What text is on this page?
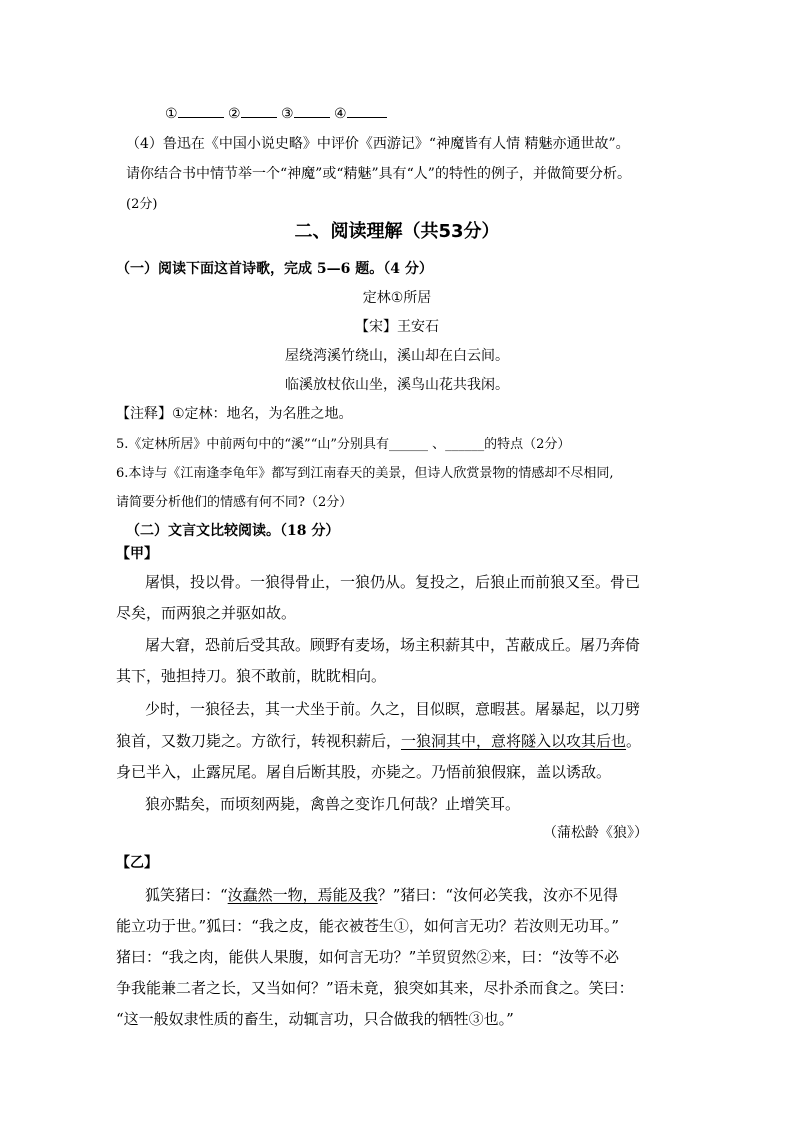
①	②	③	④
（4）鲁迅在《中国小说史略》中评价《西游记》“神魔皆有人情 精魅亦通世故”。
请你结合书中情节举一个“神魔”或“精魅”具有“人”的特性的例子，并做简要分析。
(2分)
二、阅读理解（共53分）
（一）阅读下面这首诗歌，完成 5—6 题。（4 分）
定林①所居
【宋】王安石
屋绕湾溪竹绕山，溪山却在白云间。
临溪放杖依山坐，溪鸟山花共我闲。
【注释】①定林：地名，为名胜之地。
5.《定林所居》中前两句中的“溪”“山”分别具有______ 、______的特点（2分）
6.本诗与《江南逢李龟年》都写到江南春天的美景，但诗人欣赏景物的情感却不尽相同,
请简要分析他们的情感有何不同?（2分）
（二）文言文比较阅读。（18 分）
【甲】
屠惧，投以骨。一狼得骨止，一狼仍从。复投之，后狼止而前狼又至。骨已
尽矣，而两狼之并驱如故。
屠大窘，恐前后受其敌。顾野有麦场，场主积薪其中，苫蔽成丘。屠乃奔倚
其下，弛担持刀。狼不敢前，眈眈相向。
少时，一狼径去，其一犬坐于前。久之，目似瞑，意暇甚。屠暴起，以刀劈
狼首，又数刀毙之。方欲行，转视积薪后，一狼洞其中，意将隧入以攻其后也。
身已半入，止露尻尾。屠自后断其股，亦毙之。乃悟前狼假寐，盖以诱敌。
狼亦黠矣，而顷刻两毙，禽兽之变诈几何哉？止增笑耳。
（蒲松龄《狼》）
【乙】
狐笑猪曰：“汝蠢然一物，焉能及我？”猪曰：“汝何必笑我，汝亦不见得
能立功于世。”狐曰：“我之皮，能衣被苍生①，如何言无功？若汝则无功耳。”
猪曰：“我之肉，能供人果腹，如何言无功？”羊贸贸然②来，曰：“汝等不必
争我能兼二者之长，又当如何？”语未竟，狼突如其来，尽扑杀而食之。笑曰：
“这一般奴隶性质的畜生，动辄言功，只合做我的牺牲③也。”
